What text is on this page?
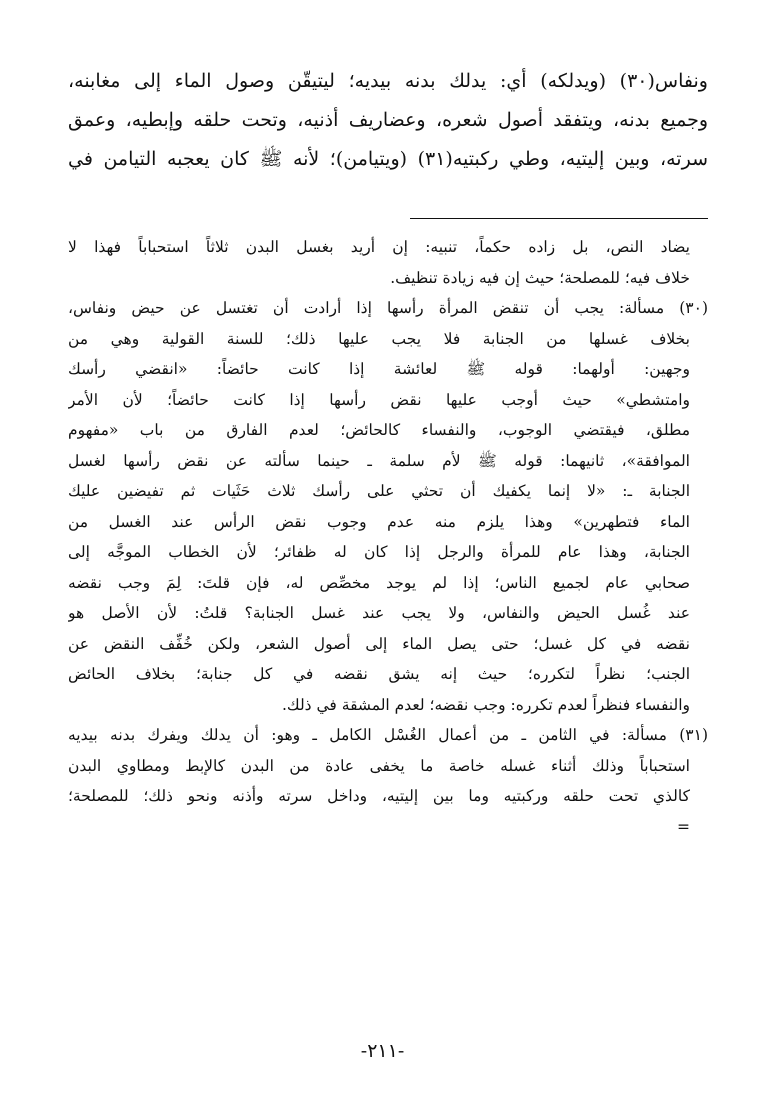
ونفاس(٣٠) (ويدلكه) أي: يدلك بدنه بيديه؛ ليتيقّن وصول الماء إلى مغابنه،
وجميع بدنه، ويتفقد أصول شعره، وعضاريف أذنيه، وتحت حلقه وإبطيه، وعمق
سرته، وبين إليتيه، وطي ركبتيه(٣١) (ويتيامن)؛ لأنه ﷺ كان يعجبه التيامن في
يضاد النص، بل زاده حكماً، تنبيه: إن أريد بغسل البدن ثلاثاً استحباباً فهذا لا
خلاف فيه؛ للمصلحة؛ حيث إن فيه زيادة تنظيف.
(٣٠) مسألة: يجب أن تنقض المرأة رأسها إذا أرادت أن تغتسل عن حيض ونفاس،
بخلاف غسلها من الجنابة فلا يجب عليها ذلك؛ للسنة القولية وهي من
وجهين: أولهما: قوله ﷺ لعائشة إذا كانت حائضاً: «انقضي رأسك
وامتشطي» حيث أوجب عليها نقض رأسها إذا كانت حائضاً؛ لأن الأمر
مطلق، فيقتضي الوجوب، والنفساء كالحائض؛ لعدم الفارق من باب «مفهوم
الموافقة»، ثانيهما: قوله ﷺ لأم سلمة ـ حينما سألته عن نقض رأسها لغسل
الجنابة ـ: «لا إنما يكفيك أن تحثي على رأسك ثلاث حَثَيات ثم تفيضين عليك
الماء فتطهرين» وهذا يلزم منه عدم وجوب نقض الرأس عند الغسل من
الجنابة، وهذا عام للمرأة والرجل إذا كان له ظفائر؛ لأن الخطاب الموجَّه إلى
صحابي عام لجميع الناس؛ إذا لم يوجد مخصِّص له، فإن قلتَ: لِمَ وجب نقضه
عند غُسل الحيض والنفاس، ولا يجب عند غسل الجنابة؟ قلتُ: لأن الأصل هو
نقضه في كل غسل؛ حتى يصل الماء إلى أصول الشعر، ولكن خُفِّف النقض عن
الجنب؛ نظراً لتكرره؛ حيث إنه يشق نقضه في كل جنابة؛ بخلاف الحائض
والنفساء فنظراً لعدم تكرره: وجب نقضه؛ لعدم المشقة في ذلك.
(٣١) مسألة: في الثامن ـ من أعمال الغُسْل الكامل ـ وهو: أن يدلك ويفرك بدنه بيديه
استحباباً وذلك أثناء غسله خاصة ما يخفى عادة من البدن كالإبط ومطاوي البدن
كالذي تحت حلقه وركبتيه وما بين إليتيه، وداخل سرته وأذنه ونحو ذلك؛ للمصلحة؛
=
-٢١١-
